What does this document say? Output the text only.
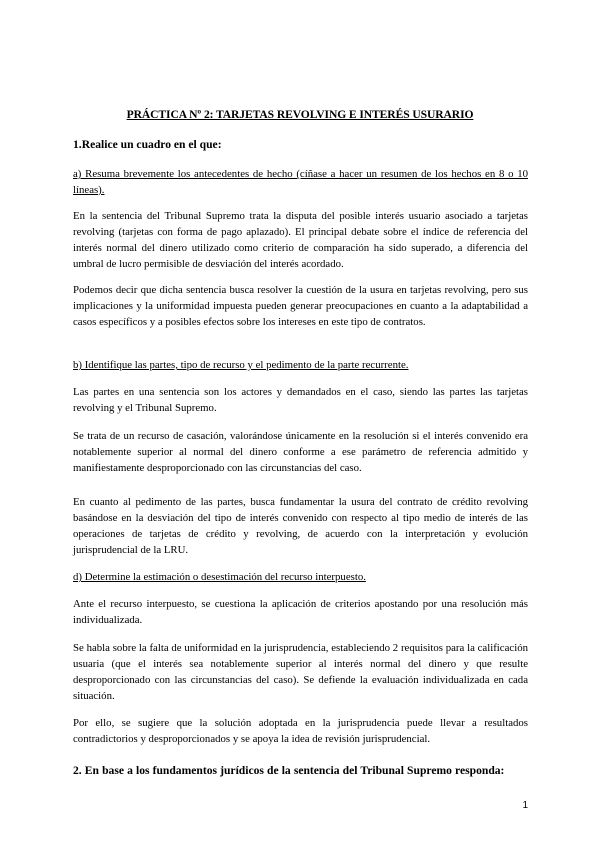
PRÁCTICA Nº 2: TARJETAS REVOLVING E INTERÉS USURARIO
1.Realice un cuadro en el que:

a) Resuma brevemente los antecedentes de hecho (cíñase a hacer un resumen de los hechos en 8 o 10 líneas).

En la sentencia del Tribunal Supremo trata la disputa del posible interés usuario asociado a tarjetas revolving (tarjetas con forma de pago aplazado). El principal debate sobre el índice de referencia del interés normal del dinero utilizado como criterio de comparación ha sido superado, a diferencia del umbral de lucro permisible de desviación del interés acordado.

Podemos decir que dicha sentencia busca resolver la cuestión de la usura en tarjetas revolving, pero sus implicaciones y la uniformidad impuesta pueden generar preocupaciones en cuanto a la adaptabilidad a casos específicos y a posibles efectos sobre los intereses en este tipo de contratos.

b) Identifique las partes, tipo de recurso y el pedimento de la parte recurrente.

Las partes en una sentencia son los actores y demandados en el caso, siendo las partes las tarjetas revolving y el Tribunal Supremo.

Se trata de un recurso de casación, valorándose únicamente en la resolución si el interés convenido era notablemente superior al normal del dinero conforme a ese parámetro de referencia admitido y manifiestamente desproporcionado con las circunstancias del caso.

En cuanto al pedimento de las partes, busca fundamentar la usura del contrato de crédito revolving basándose en la desviación del tipo de interés convenido con respecto al tipo medio de interés de las operaciones de tarjetas de crédito y revolving, de acuerdo con la interpretación y evolución jurisprudencial de la LRU.

d) Determine la estimación o desestimación del recurso interpuesto.

Ante el recurso interpuesto, se cuestiona la aplicación de criterios apostando por una resolución más individualizada.

Se habla sobre la falta de uniformidad en la jurisprudencia, estableciendo 2 requisitos para la calificación usuaria (que el interés sea notablemente superior al interés normal del dinero y que resulte desproporcionado con las circunstancias del caso). Se defiende la evaluación individualizada en cada situación.

Por ello, se sugiere que la solución adoptada en la jurisprudencia puede llevar a resultados contradictorios y desproporcionados y se apoya la idea de revisión jurisprudencial.

2. En base a los fundamentos jurídicos de la sentencia del Tribunal Supremo responda:
1
